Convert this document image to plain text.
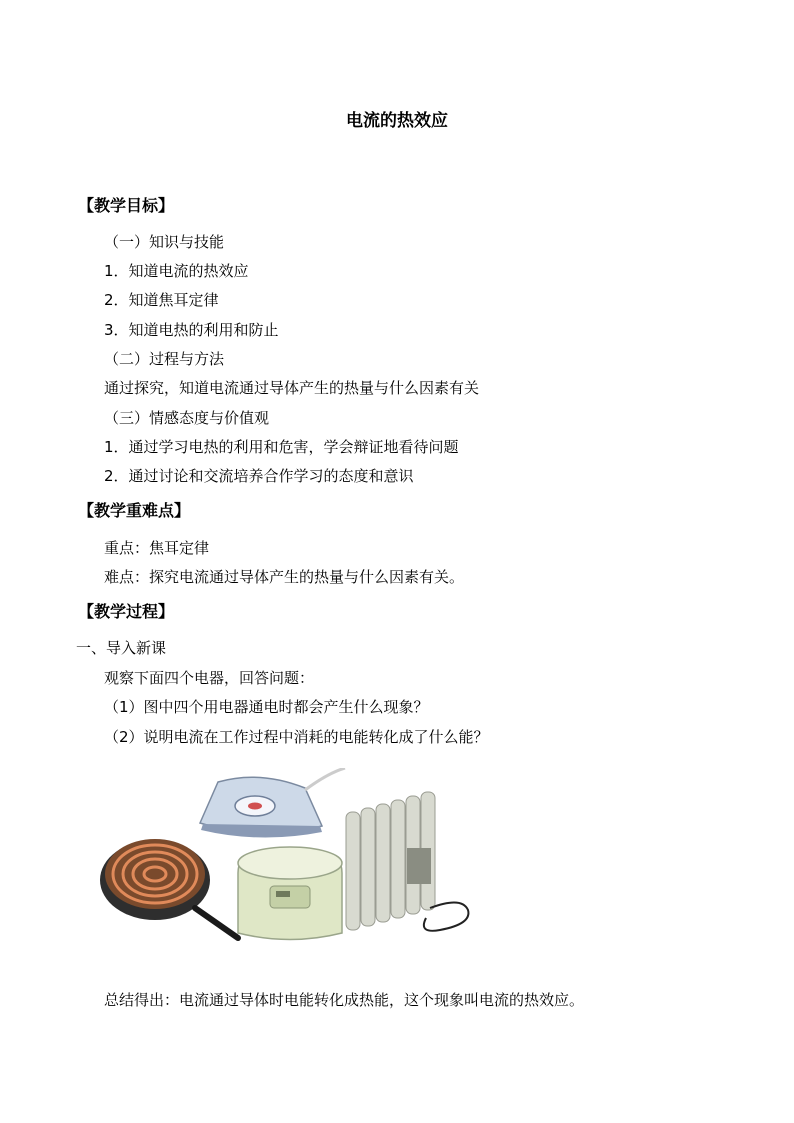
电流的热效应
【教学目标】
（一）知识与技能
1．知道电流的热效应
2．知道焦耳定律
3．知道电热的利用和防止
（二）过程与方法
通过探究，知道电流通过导体产生的热量与什么因素有关
（三）情感态度与价值观
1．通过学习电热的利用和危害，学会辩证地看待问题
2．通过讨论和交流培养合作学习的态度和意识
【教学重难点】
重点：焦耳定律
难点：探究电流通过导体产生的热量与什么因素有关。
【教学过程】
一、导入新课
观察下面四个电器，回答问题：
（1）图中四个用电器通电时都会产生什么现象？
（2）说明电流在工作过程中消耗的电能转化成了什么能？
总结得出：电流通过导体时电能转化成热能，这个现象叫电流的热效应。
